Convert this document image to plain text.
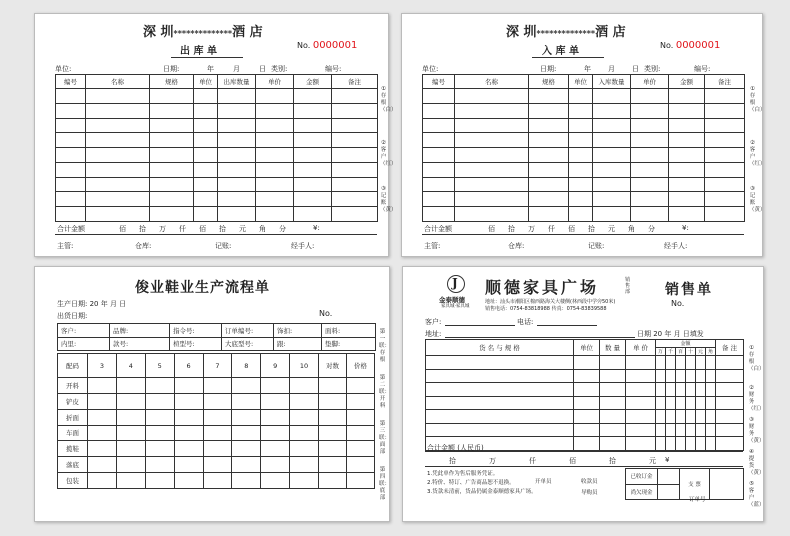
深 圳**************酒 店
出 库 单
No. 0000001
单位:	日期:	年	月	日 类别:	编号:
编号	名称	规格	单位	出库数量	单价	金额	备注

合计金额	佰 拾 万 仟 佰 拾 元 角 分	¥:
主管:	仓库:	记账:	经手人:
①存根（白）
②客户（红）
③记账（黄）
深 圳**************酒 店
入 库 单
No. 0000001
单位:	日期:	年 月 日 类别:	编号:
编号	名称	规格	单位	入库数量	单价	金额	备注

合计金额	佰 拾 万 仟 佰 拾 元 角 分	¥:
主管:	仓库:	记账:	经手人:
①存根（白）
②客户（红）
③记账（黄）
俊业鞋业生产流程单
生产日期: 20 年 月 日
出货日期:	No.
客户:	品牌:	指令号:	订单编号:	饰扣:	面料:
内里:	款号:	楦型号:	大底型号:	跟:	垫脚:
配码	3	4	5	6	7	8	9	10	对数	价格
开料										
铲皮										
折面										
车面										
揽鞋										
落底										
包装										
第一联：存根
第二联：开料
第三联：面部
第四联：底部
J
金泰顺德
家具城·家具城
顺德家具广场	销售部 销售单
No.
地址：汕头市潮阳区棉西路海关大楼侧(林西段中学旁50米)
销售电话：0754-83818988 传真：0754-83839588
客户:	电话:
地址:	日期 20 年 月 日填发
货 名 与 规 格	单位	数 量	单 价	金额						备 注
				万	千	百	十	元	角	

合计金额 (人民币)
拾	万	仟	佰	拾	元 ¥
1.凭此单作为售后服务凭证。
2.特价、特订、广告商品恕不退换。
3.货款未清前，货品仍属金泰顺德家具广场。
开单员	收款员
导购员
已收订金		支 票	
尚欠现金			
订单号
①存根（白）
②财务（红）
③财务（黄）
④提货（黄）
⑤客户（蓝）
